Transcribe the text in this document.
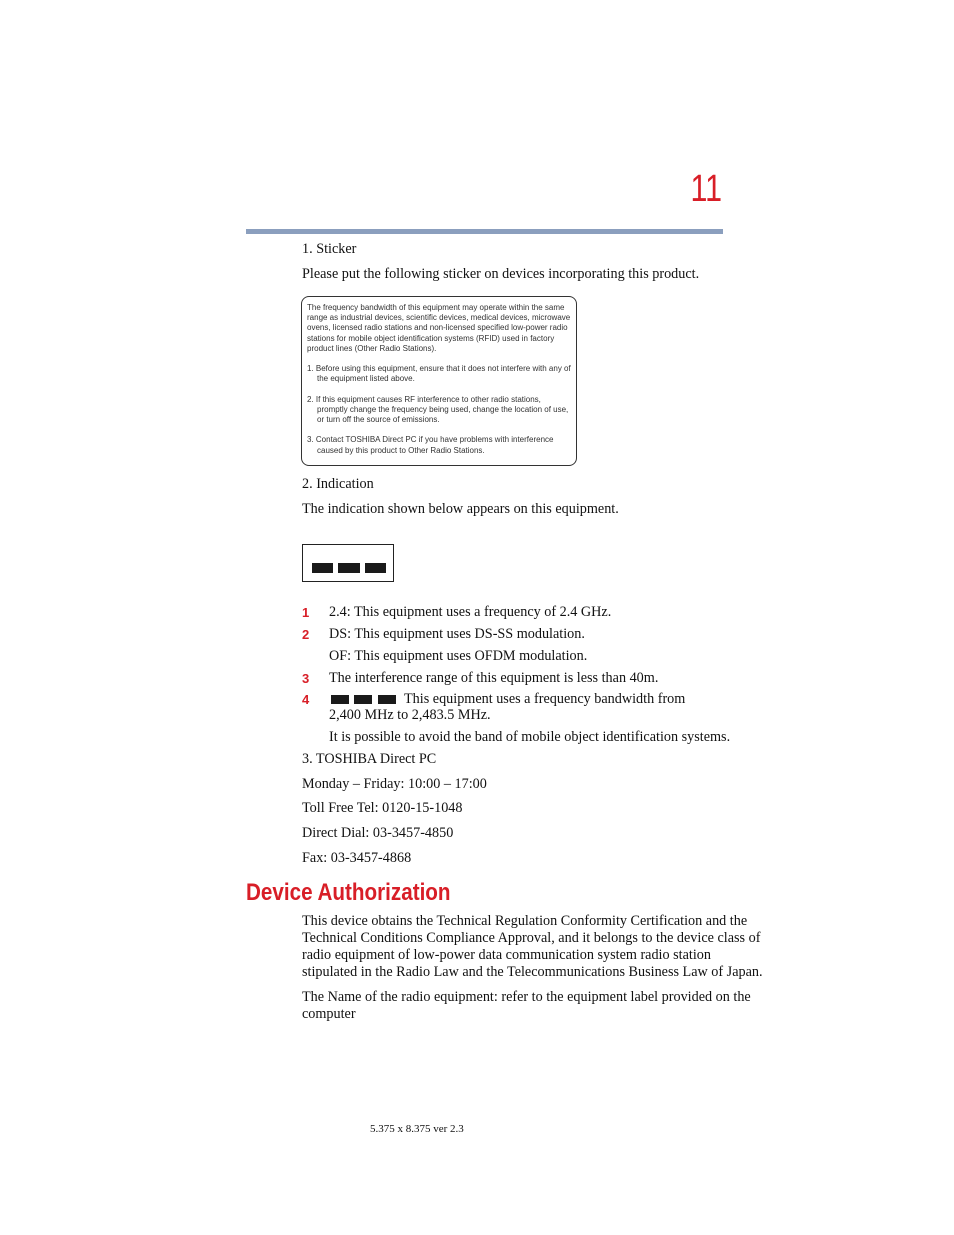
11
1. Sticker
Please put the following sticker on devices incorporating this product.

The frequency bandwidth of this equipment may operate within the same range as industrial devices, scientific devices, medical devices, microwave ovens, licensed radio stations and non-licensed specified low-power radio stations for mobile object identification systems (RFID) used in factory product lines (Other Radio Stations).

1. Before using this equipment, ensure that it does not interfere with any of the equipment listed above.

2. If this equipment causes RF interference to other radio stations, promptly change the frequency being used, change the location of use, or turn off the source of emissions.

3. Contact TOSHIBA Direct PC if you have problems with interference caused by this product to Other Radio Stations.

2. Indication
The indication shown below appears on this equipment.
1 2.4: This equipment uses a frequency of 2.4 GHz.
2 DS: This equipment uses DS-SS modulation.
OF: This equipment uses OFDM modulation.
3 The interference range of this equipment is less than 40m.
4	This equipment uses a frequency bandwidth from
2,400 MHz to 2,483.5 MHz.
It is possible to avoid the band of mobile object identification systems.
3. TOSHIBA Direct PC
Monday – Friday: 10:00 – 17:00
Toll Free Tel: 0120-15-1048
Direct Dial: 03-3457-4850
Fax: 03-3457-4868
Device Authorization
This device obtains the Technical Regulation Conformity Certification and the
Technical Conditions Compliance Approval, and it belongs to the device class of
radio equipment of low-power data communication system radio station
stipulated in the Radio Law and the Telecommunications Business Law of Japan.
The Name of the radio equipment: refer to the equipment label provided on the
computer
5.375 x 8.375 ver 2.3
